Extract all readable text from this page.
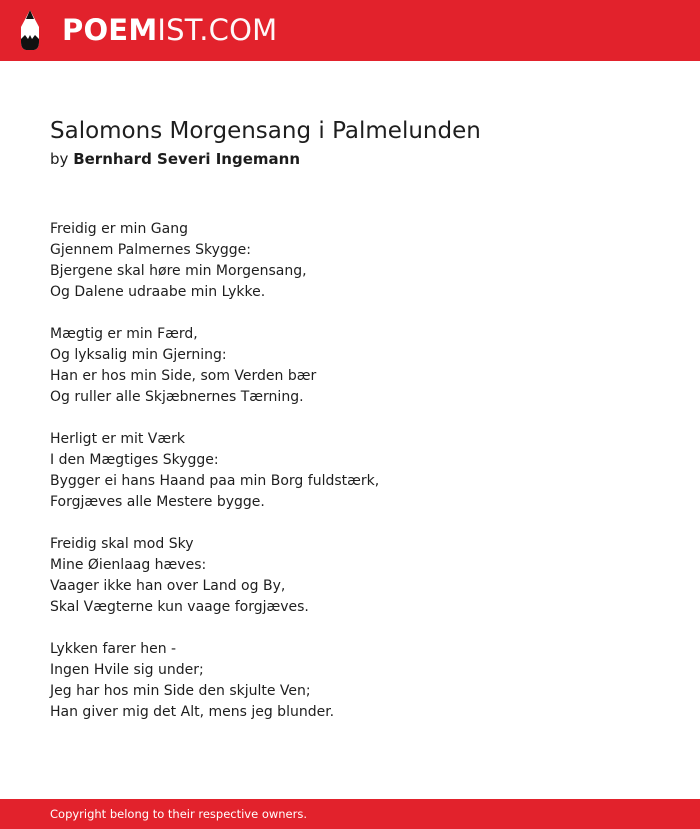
POEMIST.COM
Salomons Morgensang i Palmelunden
by Bernhard Severi Ingemann
Freidig er min Gang
Gjennem Palmernes Skygge:
Bjergene skal høre min Morgensang,
Og Dalene udraabe min Lykke.
Mægtig er min Færd,
Og lyksalig min Gjerning:
Han er hos min Side, som Verden bær
Og ruller alle Skjæbnernes Tærning.
Herligt er mit Værk
I den Mægtiges Skygge:
Bygger ei hans Haand paa min Borg fuldstærk,
Forgjæves alle Mestere bygge.
Freidig skal mod Sky
Mine Øienlaag hæves:
Vaager ikke han over Land og By,
Skal Vægterne kun vaage forgjæves.
Lykken farer hen -
Ingen Hvile sig under;
Jeg har hos min Side den skjulte Ven;
Han giver mig det Alt, mens jeg blunder.
Copyright belong to their respective owners.
